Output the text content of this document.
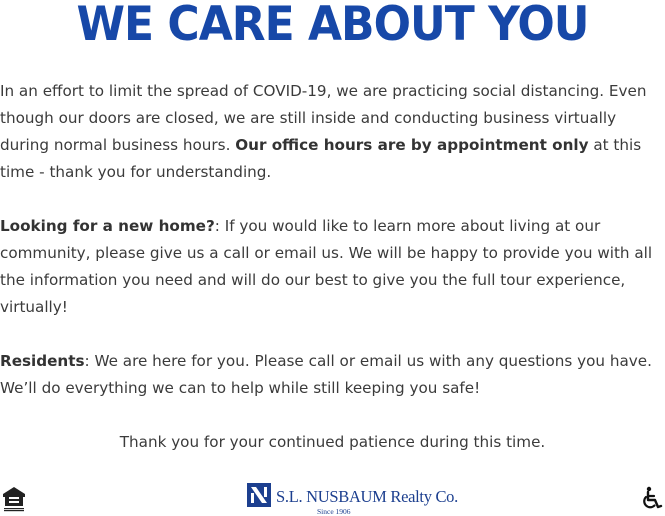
WE CARE ABOUT YOU

In an effort to limit the spread of COVID-19, we are practicing social distancing. Even though our doors are closed, we are still inside and conducting business virtually during normal business hours. Our office hours are by appointment only at this time - thank you for understanding.

Looking for a new home?: If you would like to learn more about living at our community, please give us a call or email us. We will be happy to provide you with all the information you need and will do our best to give you the full tour experience, virtually!

Residents: We are here for you. Please call or email us with any questions you have. We’ll do everything we can to help while still keeping you safe!

Thank you for your continued patience during this time.

S.L. NUSBAUM Realty Co.
Since 1906
